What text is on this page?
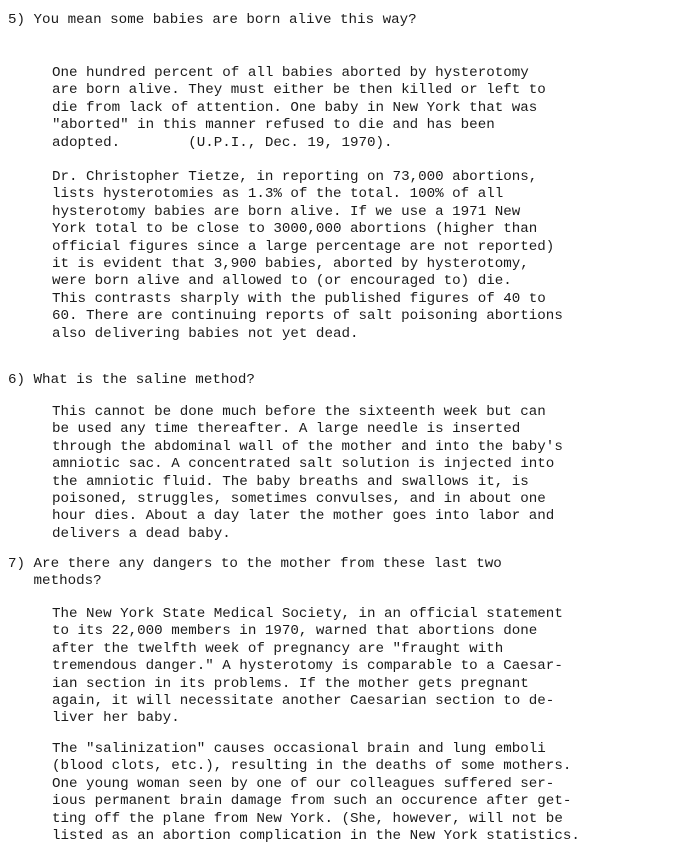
5) You mean some babies are born alive this way?

One hundred percent of all babies aborted by hysterotomy
are born alive. They must either be then killed or left to
die from lack of attention. One baby in New York that was
"aborted" in this manner refused to die and has been
adopted.        (U.P.I., Dec. 19, 1970).
Dr. Christopher Tietze, in reporting on 73,000 abortions,
lists hysterotomies as 1.3% of the total. 100% of all
hysterotomy babies are born alive. If we use a 1971 New
York total to be close to 3000,000 abortions (higher than
official figures since a large percentage are not reported)
it is evident that 3,900 babies, aborted by hysterotomy,
were born alive and allowed to (or encouraged to) die.
This contrasts sharply with the published figures of 40 to
60. There are continuing reports of salt poisoning abortions
also delivering babies not yet dead.

6) What is the saline method?

This cannot be done much before the sixteenth week but can
be used any time thereafter. A large needle is inserted
through the abdominal wall of the mother and into the baby's
amniotic sac. A concentrated salt solution is injected into
the amniotic fluid. The baby breaths and swallows it, is
poisoned, struggles, sometimes convulses, and in about one
hour dies. About a day later the mother goes into labor and
delivers a dead baby.

7) Are there any dangers to the mother from these last two
methods?

The New York State Medical Society, in an official statement
to its 22,000 members in 1970, warned that abortions done
after the twelfth week of pregnancy are "fraught with
tremendous danger." A hysterotomy is comparable to a Caesar-
ian section in its problems. If the mother gets pregnant
again, it will necessitate another Caesarian section to de-
liver her baby.
The "salinization" causes occasional brain and lung emboli
(blood clots, etc.), resulting in the deaths of some mothers.
One young woman seen by one of our colleagues suffered ser-
ious permanent brain damage from such an occurence after get-
ting off the plane from New York. (She, however, will not be
listed as an abortion complication in the New York statistics.
